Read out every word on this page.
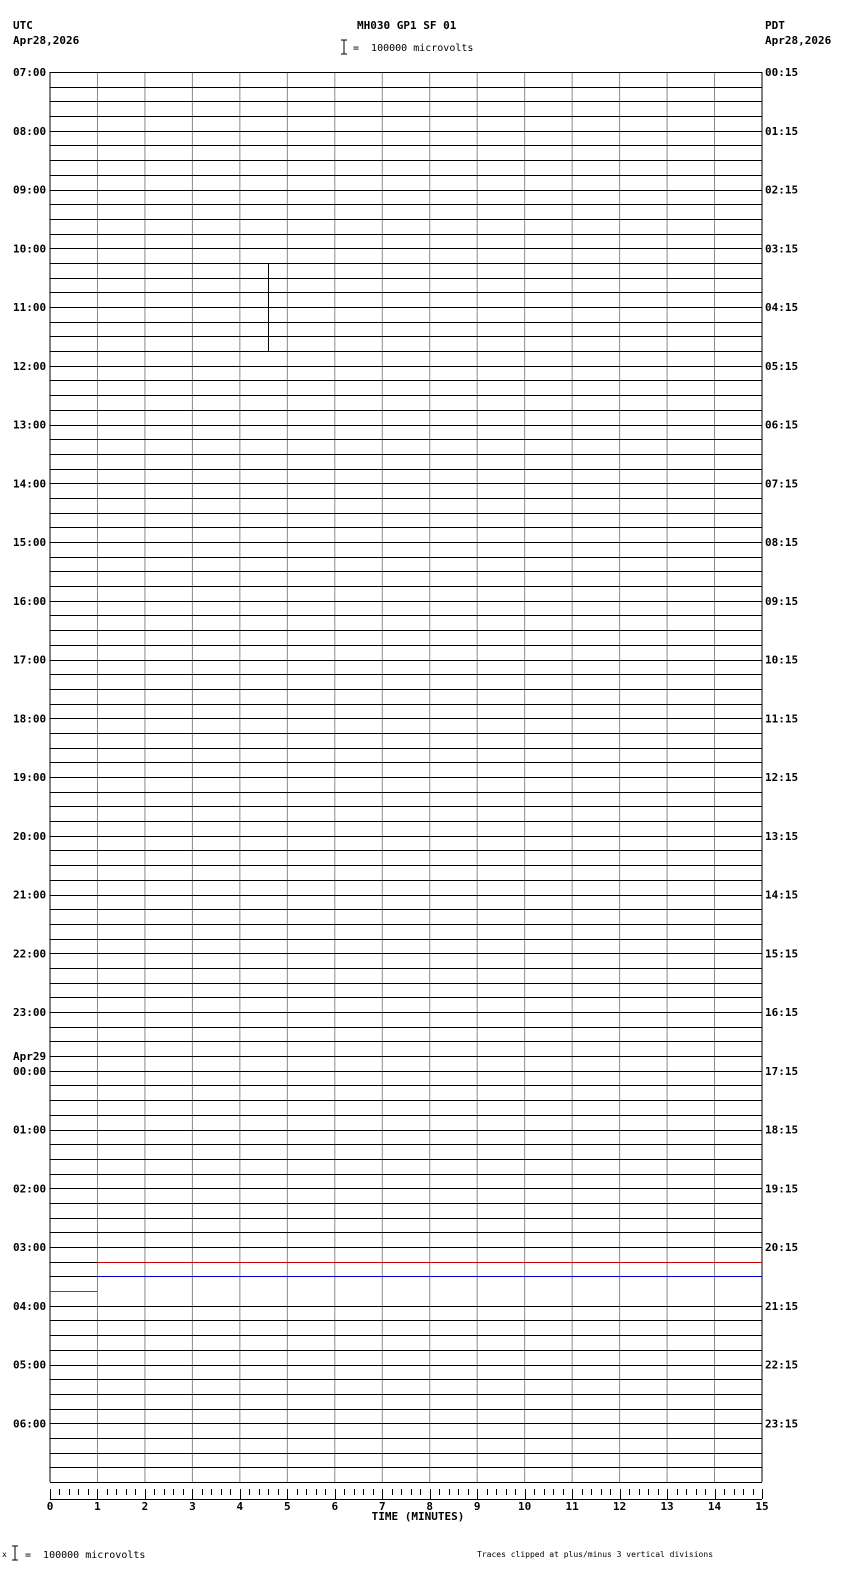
UTC
Apr28,2026
MH030 GP1 SF 01
=  100000 microvolts
PDT
Apr28,2026
07:00	00:15
08:00	01:15
09:00	02:15
10:00	03:15
11:00	04:15
12:00	05:15
13:00	06:15
14:00	07:15
15:00	08:15
16:00	09:15
17:00	10:15
18:00	11:15
19:00	12:15
20:00	13:15
21:00	14:15
22:00	15:15
23:00	16:15
00:00	17:15
Apr29
01:00	18:15
02:00	19:15
03:00	20:15
04:00	21:15
05:00	22:15
06:00	23:15
0	1	2	3	4	5	6	7	8	9	10	11	12	13	14	15
TIME (MINUTES)
x =  100000 microvolts	Traces clipped at plus/minus 3 vertical divisions
